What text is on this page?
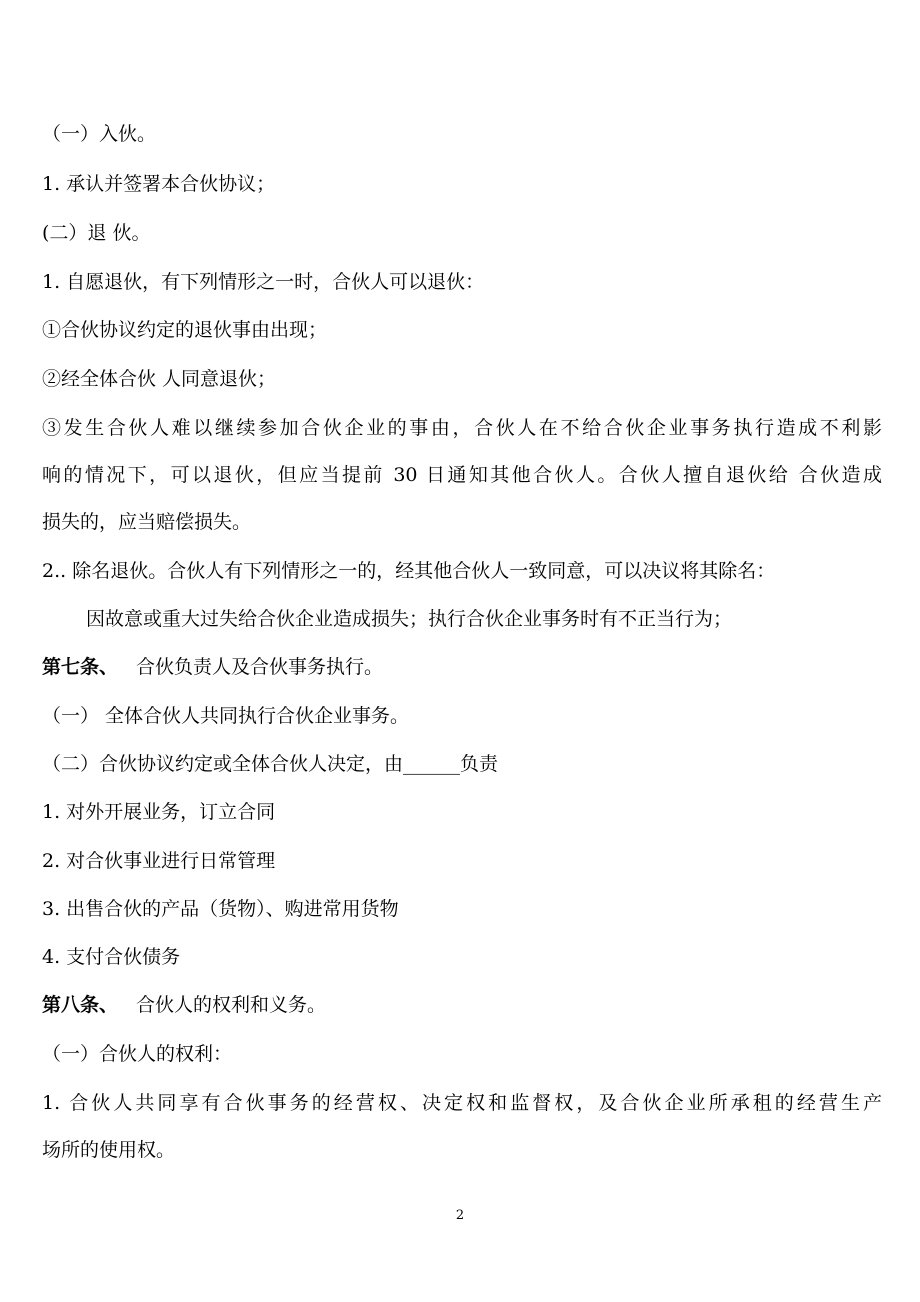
（一）入伙。
1. 承认并签署本合伙协议；
(二）退 伙。
1. 自愿退伙，有下列情形之一时，合伙人可以退伙：
①合伙协议约定的退伙事由出现；
②经全体合伙 人同意退伙；
③发生合伙人难以继续参加合伙企业的事由，合伙人在不给合伙企业事务执行造成不利影
响的情况下，可以退伙，但应当提前 30 日通知其他合伙人。合伙人擅自退伙给 合伙造成
损失的，应当赔偿损失。
2.. 除名退伙。合伙人有下列情形之一的，经其他合伙人一致同意，可以决议将其除名：
因故意或重大过失给合伙企业造成损失；执行合伙企业事务时有不正当行为；
第七条、 合伙负责人及合伙事务执行。
（一） 全体合伙人共同执行合伙企业事务。
（二）合伙协议约定或全体合伙人决定，由______负责
1. 对外开展业务，订立合同
2. 对合伙事业进行日常管理
3. 出售合伙的产品（货物）、购进常用货物
4. 支付合伙债务
第八条、 合伙人的权利和义务。
（一）合伙人的权利：
1. 合伙人共同享有合伙事务的经营权、决定权和监督权，及合伙企业所承租的经营生产
场所的使用权。
2
